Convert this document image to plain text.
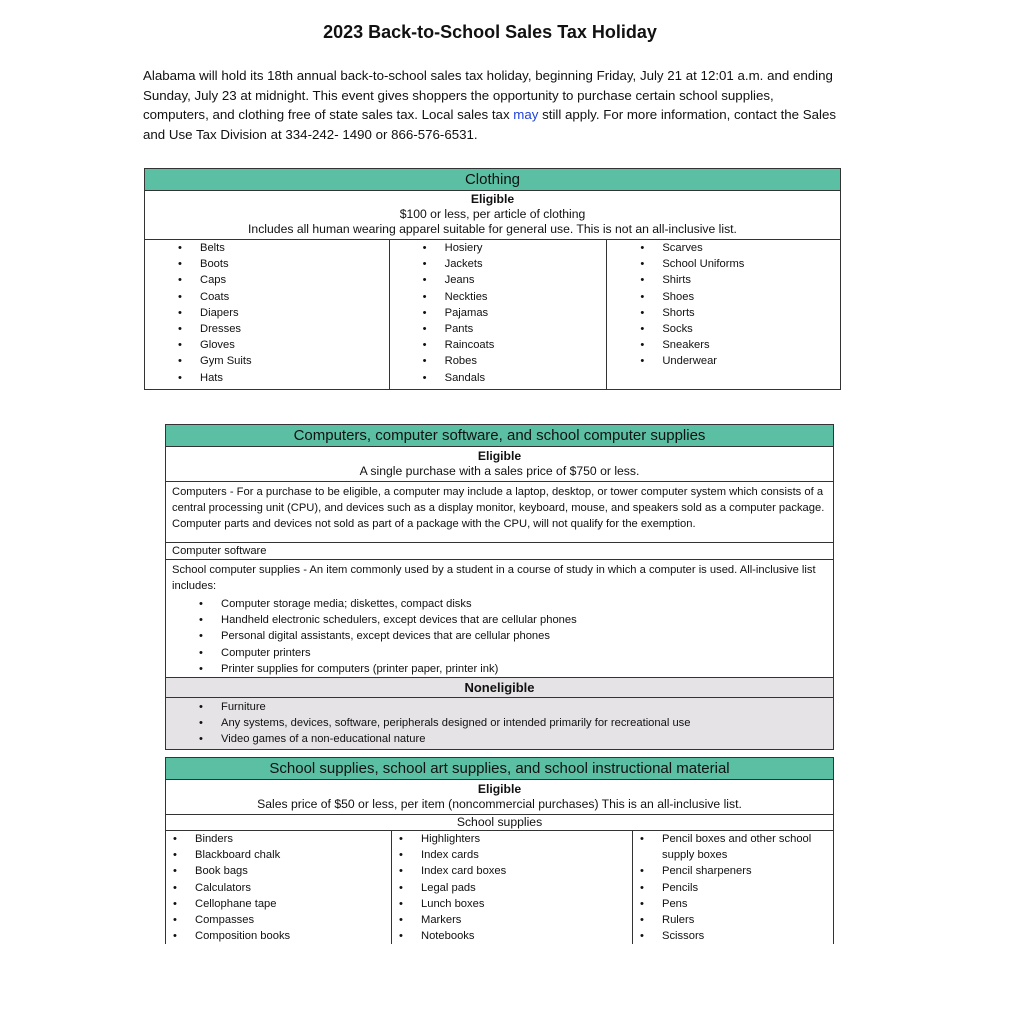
2023 Back-to-School Sales Tax Holiday
Alabama will hold its 18th annual back-to-school sales tax holiday, beginning Friday, July 21 at 12:01 a.m. and ending Sunday, July 23 at midnight. This event gives shoppers the opportunity to purchase certain school supplies, computers, and clothing free of state sales tax. Local sales tax may still apply. For more information, contact the Sales and Use Tax Division at 334-242- 1490 or 866-576-6531.
Clothing

Eligible
$100 or less, per article of clothing
Includes all human wearing apparel suitable for general use. This is not an all-inclusive list.

• Belts
• Boots
• Caps
• Coats
• Diapers
• Dresses
• Gloves
• Gym Suits
• Hats

• Hosiery
• Jackets
• Jeans
• Neckties
• Pajamas
• Pants
• Raincoats
• Robes
• Sandals

• Scarves
• School Uniforms
• Shirts
• Shoes
• Shorts
• Socks
• Sneakers
• Underwear
Computers, computer software, and school computer supplies

Eligible
A single purchase with a sales price of $750 or less.

Computers - For a purchase to be eligible, a computer may include a laptop, desktop, or tower computer system which consists of a central processing unit (CPU), and devices such as a display monitor, keyboard, mouse, and speakers sold as a computer package. Computer parts and devices not sold as part of a package with the CPU, will not qualify for the exemption.
Computer software

School computer supplies - An item commonly used by a student in a course of study in which a computer is used. All-inclusive list includes:
• Computer storage media; diskettes, compact disks
• Handheld electronic schedulers, except devices that are cellular phones
• Personal digital assistants, except devices that are cellular phones
• Computer printers
• Printer supplies for computers (printer paper, printer ink)

Noneligible

• Furniture
• Any systems, devices, software, peripherals designed or intended primarily for recreational use
• Video games of a non-educational nature
School supplies, school art supplies, and school instructional material

Eligible
Sales price of $50 or less, per item (noncommercial purchases) This is an all-inclusive list.

School supplies

• Binders
• Blackboard chalk
• Book bags
• Calculators
• Cellophane tape
• Compasses
• Composition books

• Highlighters
• Index cards
• Index card boxes
• Legal pads
• Lunch boxes
• Markers
• Notebooks

• Pencil boxes and other school supply boxes
• Pencil sharpeners
• Pencils
• Pens
• Rulers
• Scissors
